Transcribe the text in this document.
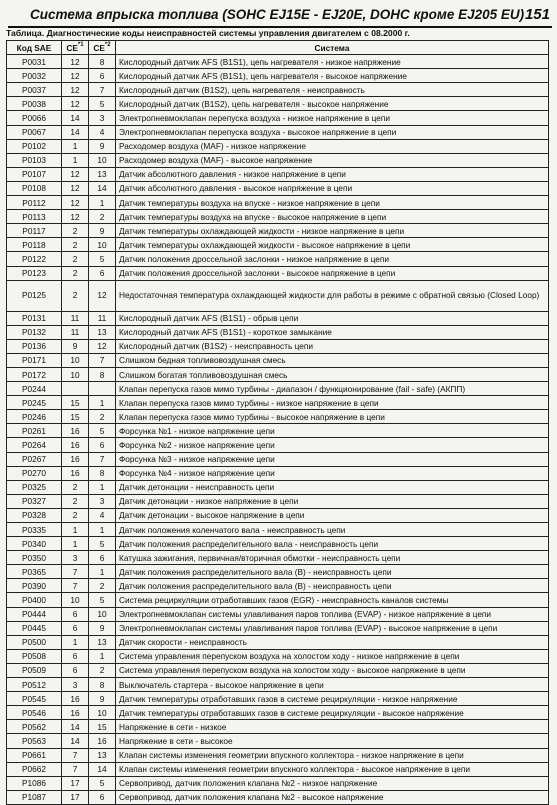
Система впрыска топлива (SOHC EJ15E - EJ20E, DOHC кроме EJ205 EU) 151
Таблица. Диагностические коды неисправностей системы управления двигателем с 08.2000 г.
Код SAE	CE$^{*1}$	CE$^{*2}$	Система
P0031	12	8	Кислородный датчик AFS (B1S1), цепь нагревателя - низкое напряжение
P0032	12	6	Кислородный датчик AFS (B1S1), цепь нагревателя - высокое напряжение
P0037	12	7	Кислородный датчик (B1S2), цепь нагревателя - неисправность
P0038	12	5	Кислородный датчик (B1S2), цепь нагревателя - высокое напряжение
P0066	14	3	Электропневмоклапан перепуска воздуха - низкое напряжение в цепи
P0067	14	4	Электропневмоклапан перепуска воздуха - высокое напряжение в цепи
P0102	1	9	Расходомер воздуха (MAF) - низкое напряжение
P0103	1	10	Расходомер воздуха (MAF) - высокое напряжение
P0107	12	13	Датчик абсолютного давления - низкое напряжение в цепи
P0108	12	14	Датчик абсолютного давления - высокое напряжение в цепи
P0112	12	1	Датчик температуры воздуха на впуске - низкое напряжение в цепи
P0113	12	2	Датчик температуры воздуха на впуске - высокое напряжение в цепи
P0117	2	9	Датчик температуры охлаждающей жидкости - низкое напряжение в цепи
P0118	2	10	Датчик температуры охлаждающей жидкости - высокое напряжение в цепи
P0122	2	5	Датчик положения дроссельной заслонки - низкое напряжение в цепи
P0123	2	6	Датчик положения дроссельной заслонки - высокое напряжение в цепи
P0125	2	12	Недостаточная температура охлаждающей жидкости для работы в режиме с обратной связью (Closed Loop)
P0131	11	11	Кислородный датчик AFS (B1S1) - обрыв цепи
P0132	11	13	Кислородный датчик AFS (B1S1) - короткое замыкание
P0136	9	12	Кислородный датчик (B1S2) - неисправность цепи
P0171	10	7	Слишком бедная топливовоздушная смесь
P0172	10	8	Слишком богатая топливовоздушная смесь
P0244			Клапан перепуска газов мимо турбины - диапазон / функционирование (fail - safe) (АКПП)
P0245	15	1	Клапан перепуска газов мимо турбины - низкое напряжение в цепи
P0246	15	2	Клапан перепуска газов мимо турбины - высокое напряжение в цепи
P0261	16	5	Форсунка №1 - низкое напряжение цепи
P0264	16	6	Форсунка №2 - низкое напряжение цепи
P0267	16	7	Форсунка №3 - низкое напряжение цепи
P0270	16	8	Форсунка №4 - низкое напряжение цепи
P0325	2	1	Датчик детонации - неисправность цепи
P0327	2	3	Датчик детонации - низкое напряжение в цепи
P0328	2	4	Датчик детонации - высокое напряжение в цепи
P0335	1	1	Датчик положения коленчатого вала - неисправность цепи
P0340	1	5	Датчик положения распределительного вала - неисправность цепи
P0350	3	6	Катушка зажигания, первичная/вторичная обмотки - неисправность цепи
P0365	7	1	Датчик положения распределительного вала (B) - неисправность цепи
P0390	7	2	Датчик положения распределительного вала (B) - неисправность цепи
P0400	10	5	Система рециркуляции отработавших газов (EGR) - неисправность каналов системы
P0444	6	10	Электропневмоклапан системы улавливания паров топлива (EVAP) - низкое напряжение в цепи
P0445	6	9	Электропневмоклапан системы улавливания паров топлива (EVAP) - высокое напряжение в цепи
P0500	1	13	Датчик скорости - неисправность
P0508	6	1	Система управления перепуском воздуха на холостом ходу - низкое напряжение в цепи
P0509	6	2	Система управления перепуском воздуха на холостом ходу - высокое напряжение в цепи
P0512	3	8	Выключатель стартера - высокое напряжение в цепи
P0545	16	9	Датчик температуры отработавших газов в системе рециркуляции - низкое напряжение
P0546	16	10	Датчик температуры отработавших газов в системе рециркуляции - высокое напряжение
P0562	14	15	Напряжение в сети - низкое
P0563	14	16	Напряжение в сети - высокое
P0661	7	13	Клапан системы изменения геометрии впускного коллектора - низкое напряжение в цепи
P0662	7	14	Клапан системы изменения геометрии впускного коллектора - высокое напряжение в цепи
P1086	17	5	Сервопривод, датчик положения клапана №2 - низкое напряжение
P1087	17	6	Сервопривод, датчик положения клапана №2 - высокое напряжение
